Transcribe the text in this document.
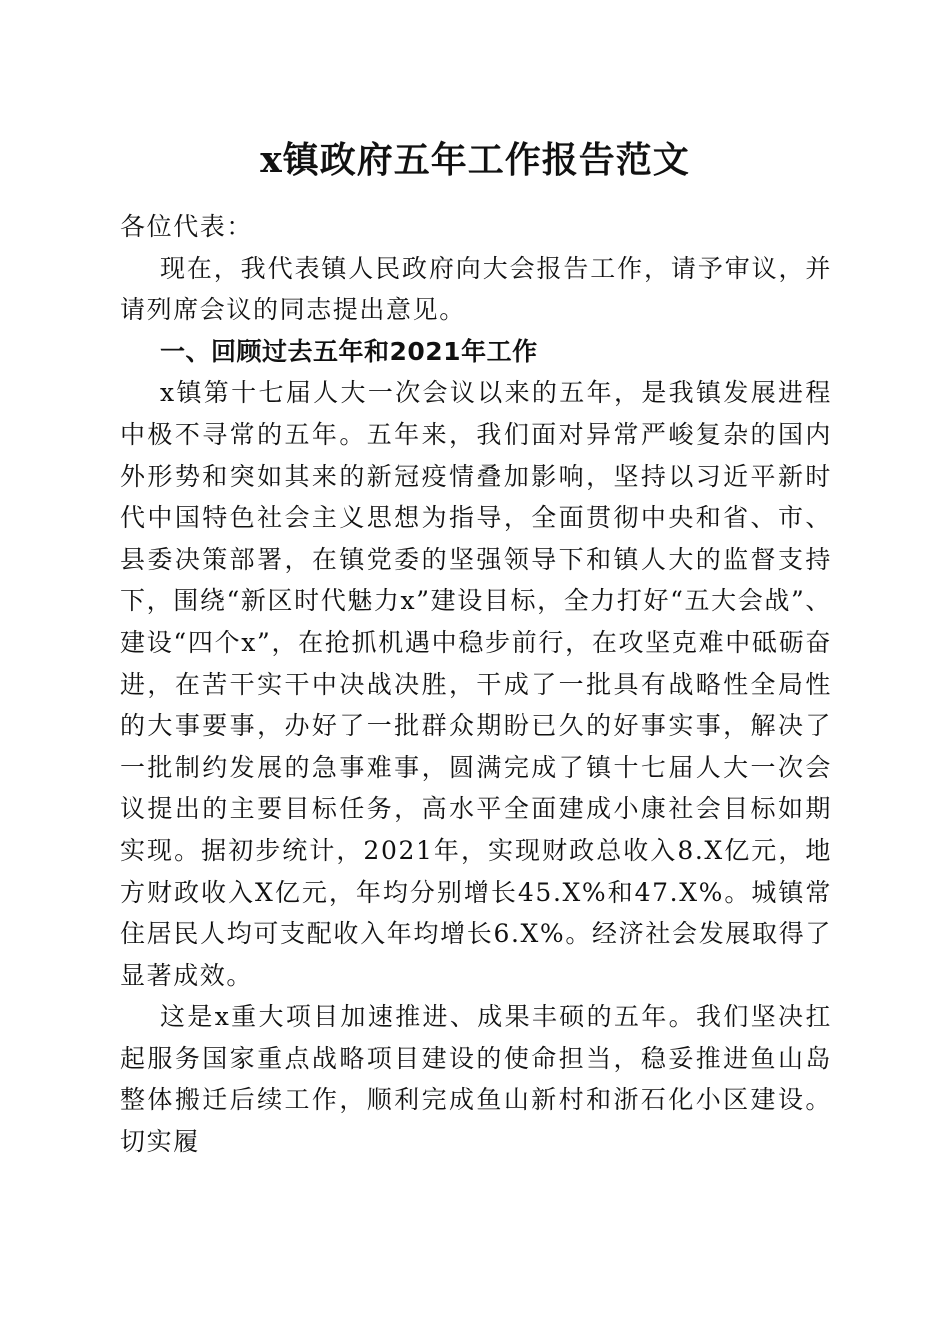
x镇政府五年工作报告范文

各位代表：

现在，我代表镇人民政府向大会报告工作，请予审议，并请列席会议的同志提出意见。

一、回顾过去五年和2021年工作

x镇第十七届人大一次会议以来的五年，是我镇发展进程中极不寻常的五年。五年来，我们面对异常严峻复杂的国内外形势和突如其来的新冠疫情叠加影响，坚持以习近平新时代中国特色社会主义思想为指导，全面贯彻中央和省、市、县委决策部署，在镇党委的坚强领导下和镇人大的监督支持下，围绕“新区时代魅力x”建设目标，全力打好“五大会战”、建设“四个x”，在抢抓机遇中稳步前行，在攻坚克难中砥砺奋进，在苦干实干中决战决胜，干成了一批具有战略性全局性的大事要事，办好了一批群众期盼已久的好事实事，解决了一批制约发展的急事难事，圆满完成了镇十七届人大一次会议提出的主要目标任务，高水平全面建成小康社会目标如期实现。据初步统计，2021年，实现财政总收入8.X亿元，地方财政收入X亿元，年均分别增长45.X%和47.X%。城镇常住居民人均可支配收入年均增长6.X%。经济社会发展取得了显著成效。

这是x重大项目加速推进、成果丰硕的五年。我们坚决扛起服务国家重点战略项目建设的使命担当，稳妥推进鱼山岛整体搬迁后续工作，顺利完成鱼山新村和浙石化小区建设。切实履
